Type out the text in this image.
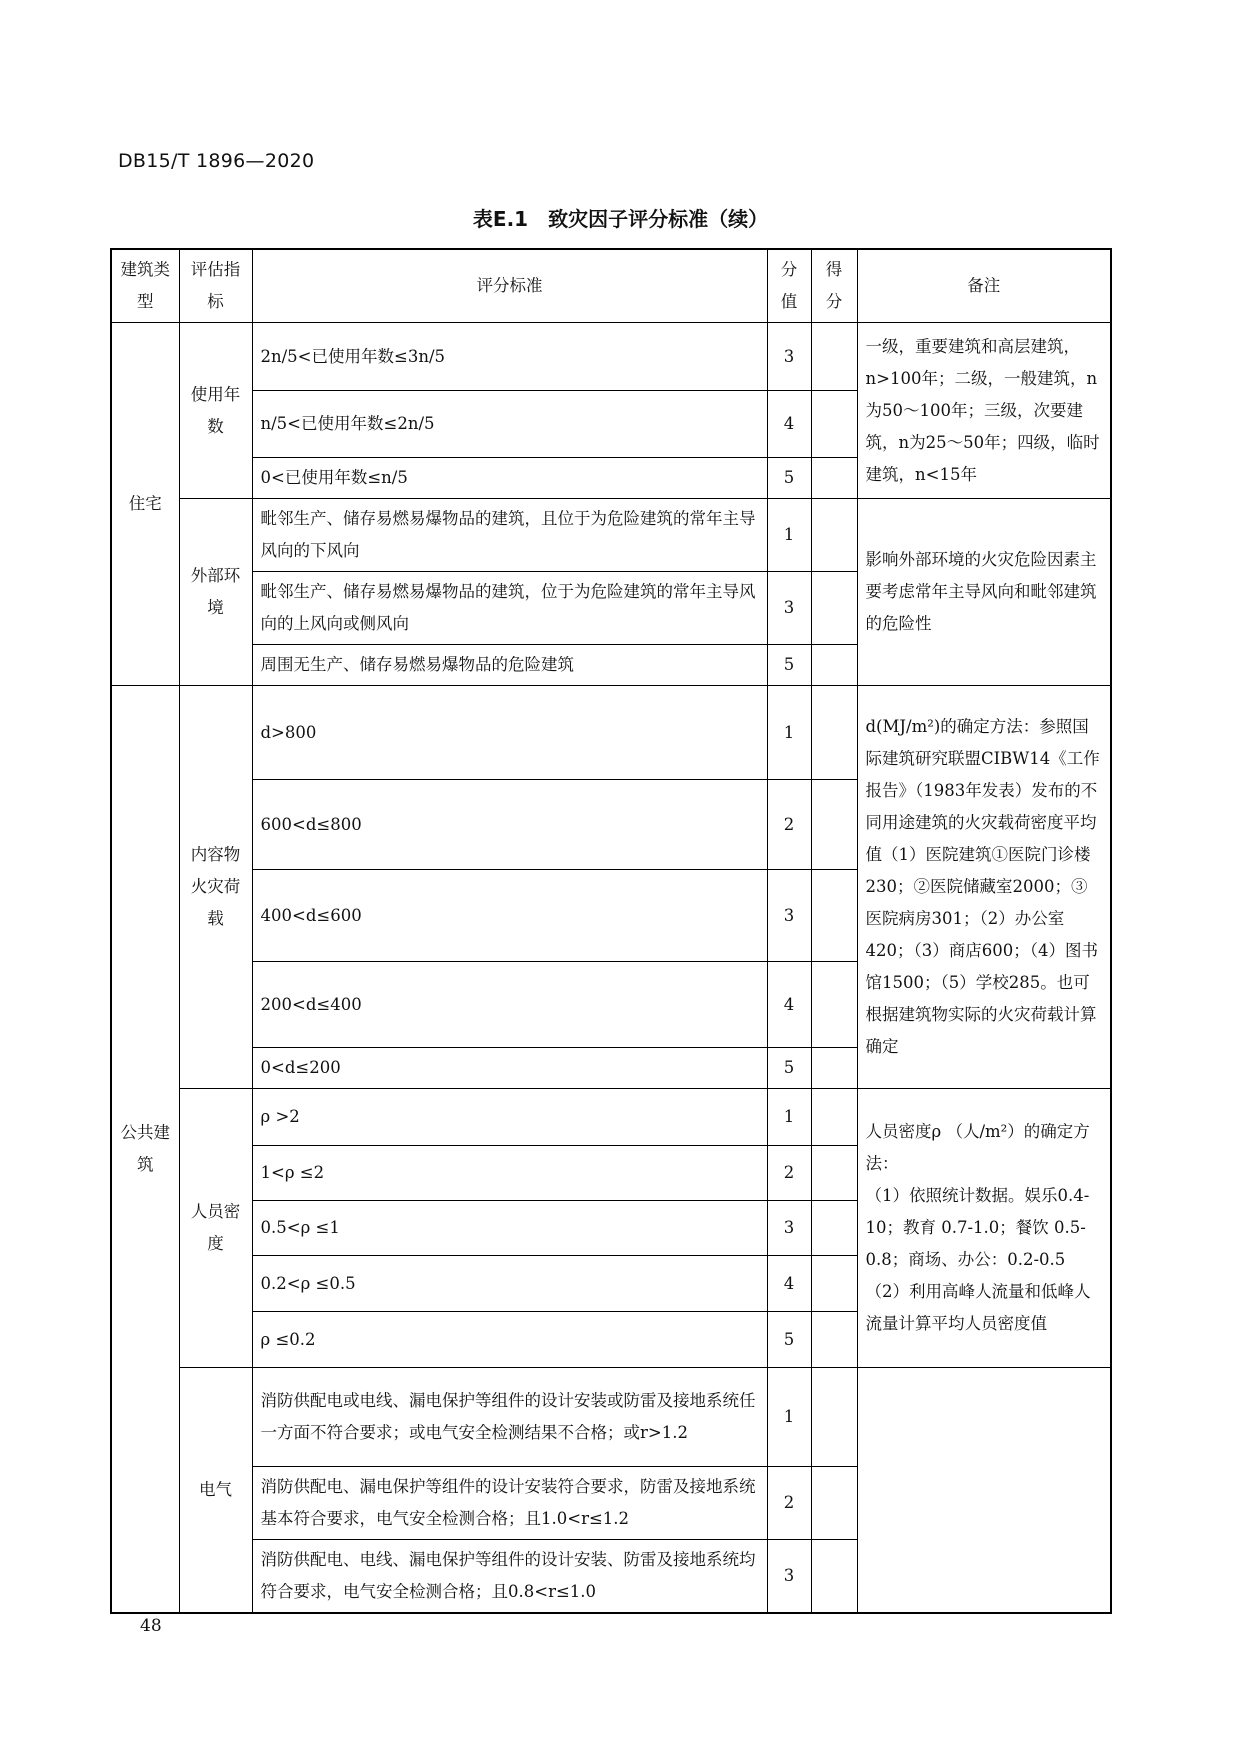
DB15/T 1896—2020
表E.1　致灾因子评分标准（续）
建筑类型	评估指标	评分标准	分值	得分	备注
住宅	使用年数	2n/5<已使用年数≤3n/5	3		一级，重要建筑和高层建筑，n>100年；二级，一般建筑，n为50～100年；三级，次要建筑，n为25～50年；四级，临时建筑，n<15年
		n/5<已使用年数≤2n/5	4		
		0<已使用年数≤n/5	5		
	外部环境	毗邻生产、储存易燃易爆物品的建筑，且位于为危险建筑的常年主导风向的下风向	1		影响外部环境的火灾危险因素主要考虑常年主导风向和毗邻建筑的危险性
		毗邻生产、储存易燃易爆物品的建筑，位于为危险建筑的常年主导风向的上风向或侧风向	3		
		周围无生产、储存易燃易爆物品的危险建筑	5		
公共建筑	内容物火灾荷载	d>800	1		d(MJ/m²)的确定方法：参照国际建筑研究联盟CIBW14《工作报告》（1983年发表）发布的不同用途建筑的火灾载荷密度平均值（1）医院建筑①医院门诊楼230；②医院储藏室2000；③医院病房301；（2）办公室420；（3）商店600；（4）图书馆1500；（5）学校285。也可根据建筑物实际的火灾荷载计算确定
		600<d≤800	2		
		400<d≤600	3		
		200<d≤400	4		
		0<d≤200	5		
	人员密度	ρ >2	1		人员密度ρ （人/m²）的确定方法：
（1）依照统计数据。娱乐0.4-10；教育 0.7-1.0；餐饮 0.5-0.8；商场、办公：0.2-0.5
（2）利用高峰人流量和低峰人流量计算平均人员密度值

		1<ρ ≤2	2		
		0.5<ρ ≤1	3		
		0.2<ρ ≤0.5	4		
		ρ ≤0.2	5		
	电气	消防供配电或电线、漏电保护等组件的设计安装或防雷及接地系统任一方面不符合要求；或电气安全检测结果不合格；或r>1.2	1		
		消防供配电、漏电保护等组件的设计安装符合要求，防雷及接地系统基本符合要求，电气安全检测合格；且1.0<r≤1.2	2		
		消防供配电、电线、漏电保护等组件的设计安装、防雷及接地系统均符合要求，电气安全检测合格；且0.8<r≤1.0	3		
48
